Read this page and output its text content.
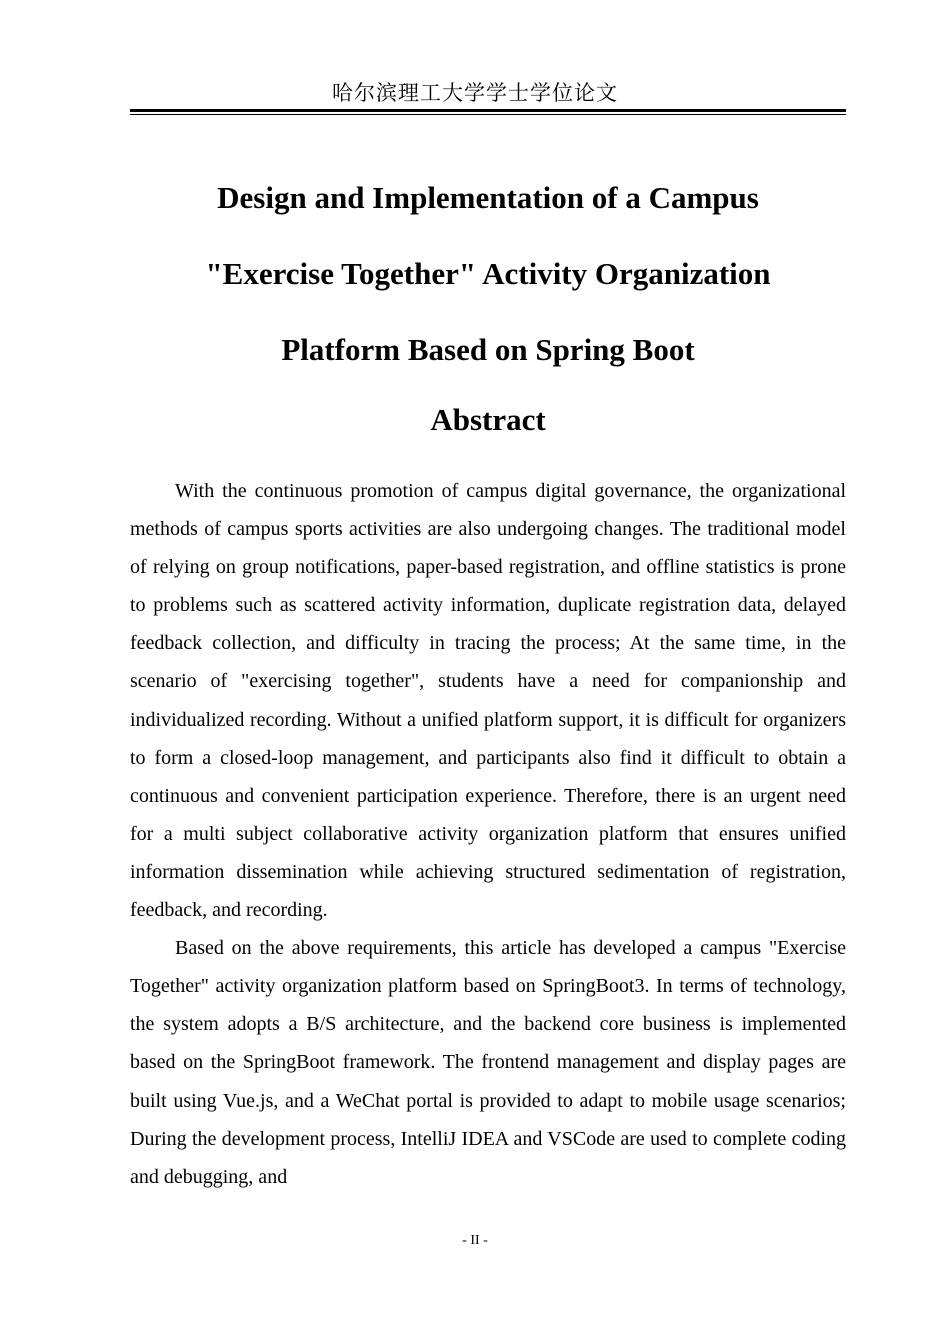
哈尔滨理工大学学士学位论文
Design and Implementation of a Campus
"Exercise Together" Activity Organization
Platform Based on Spring Boot
Abstract

With the continuous promotion of campus digital governance, the organizational methods of campus sports activities are also undergoing changes. The traditional model of relying on group notifications, paper-based registration, and offline statistics is prone to problems such as scattered activity information, duplicate registration data, delayed feedback collection, and difficulty in tracing the process; At the same time, in the scenario of "exercising together", students have a need for companionship and individualized recording. Without a unified platform support, it is difficult for organizers to form a closed-loop management, and participants also find it difficult to obtain a continuous and convenient participation experience. Therefore, there is an urgent need for a multi subject collaborative activity organization platform that ensures unified information dissemination while achieving structured sedimentation of registration, feedback, and recording.

Based on the above requirements, this article has developed a campus "Exercise Together" activity organization platform based on SpringBoot3. In terms of technology, the system adopts a B/S architecture, and the backend core business is implemented based on the SpringBoot framework. The frontend management and display pages are built using Vue.js, and a WeChat portal is provided to adapt to mobile usage scenarios; During the development process, IntelliJ IDEA and VSCode are used to complete coding and debugging, and

- II -
